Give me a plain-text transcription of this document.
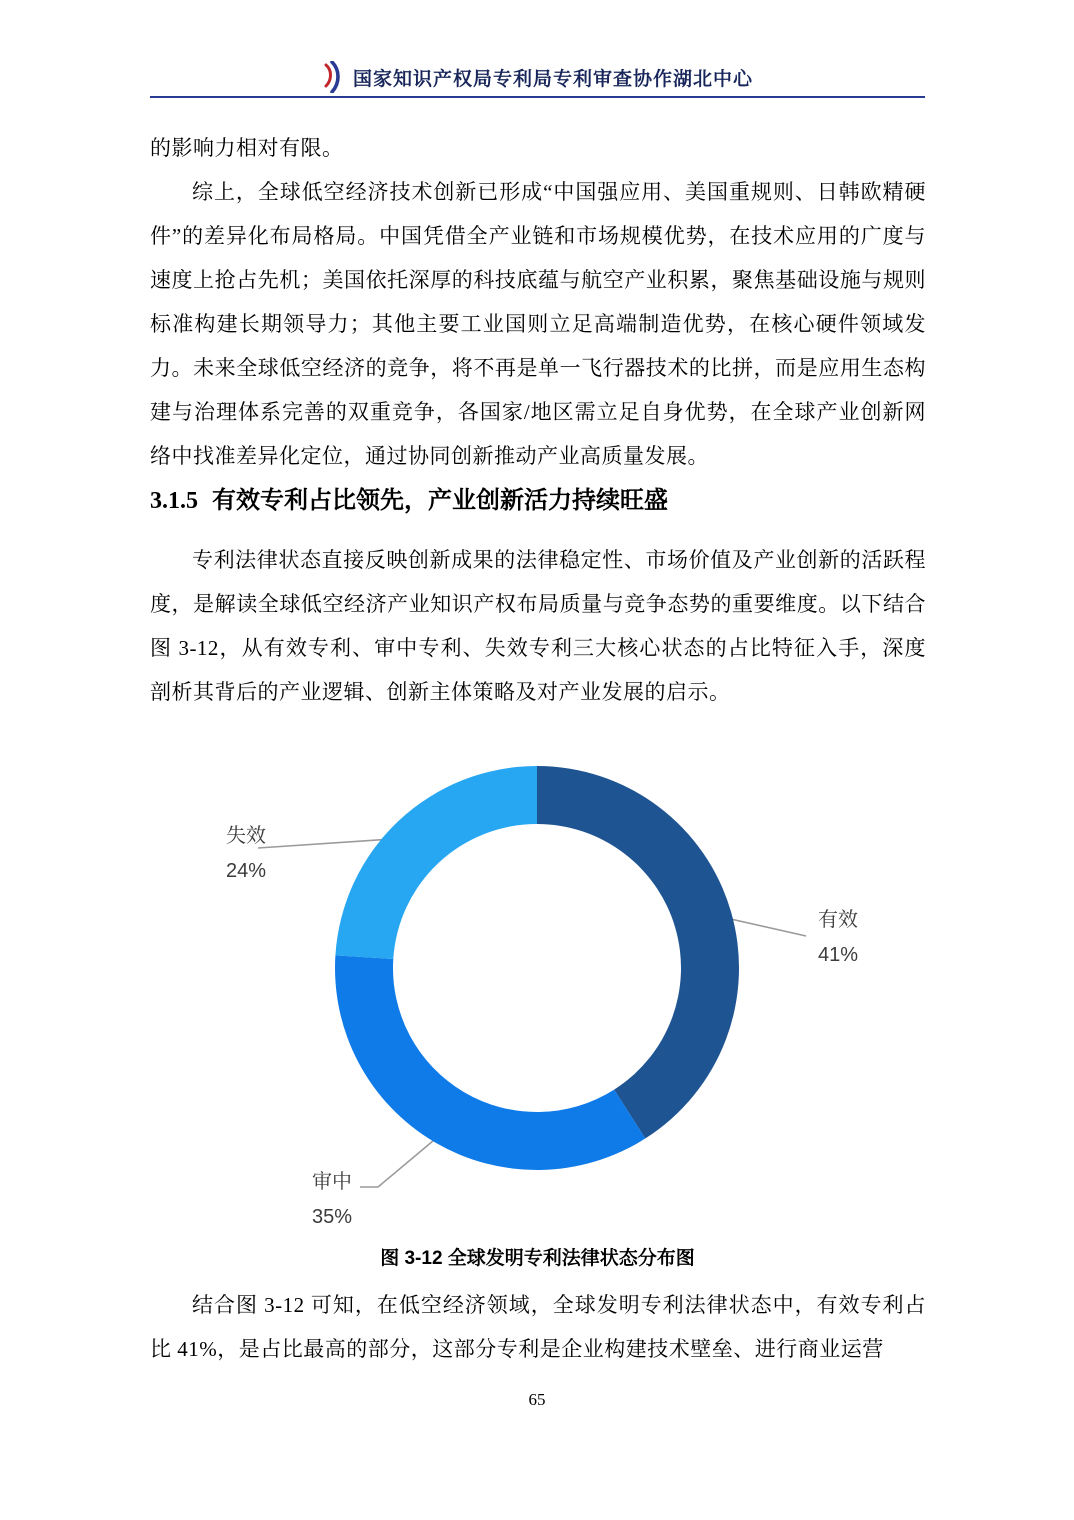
国家知识产权局专利局专利审查协作湖北中心

的影响力相对有限。

综上，全球低空经济技术创新已形成“中国强应用、美国重规则、日韩欧精硬件”的差异化布局格局。中国凭借全产业链和市场规模优势，在技术应用的广度与速度上抢占先机；美国依托深厚的科技底蕴与航空产业积累，聚焦基础设施与规则标准构建长期领导力；其他主要工业国则立足高端制造优势，在核心硬件领域发力。未来全球低空经济的竞争，将不再是单一飞行器技术的比拼，而是应用生态构建与治理体系完善的双重竞争，各国家/地区需立足自身优势，在全球产业创新网络中找准差异化定位，通过协同创新推动产业高质量发展。

3.1.5 有效专利占比领先，产业创新活力持续旺盛

专利法律状态直接反映创新成果的法律稳定性、市场价值及产业创新的活跃程度，是解读全球低空经济产业知识产权布局质量与竞争态势的重要维度。以下结合图 3-12，从有效专利、审中专利、失效专利三大核心状态的占比特征入手，深度剖析其背后的产业逻辑、创新主体策略及对产业发展的启示。

失效
24%
有效
41%
审中
35%
图 3-12 全球发明专利法律状态分布图

结合图 3-12 可知，在低空经济领域，全球发明专利法律状态中，有效专利占比 41%，是占比最高的部分，这部分专利是企业构建技术壁垒、进行商业运营

65
